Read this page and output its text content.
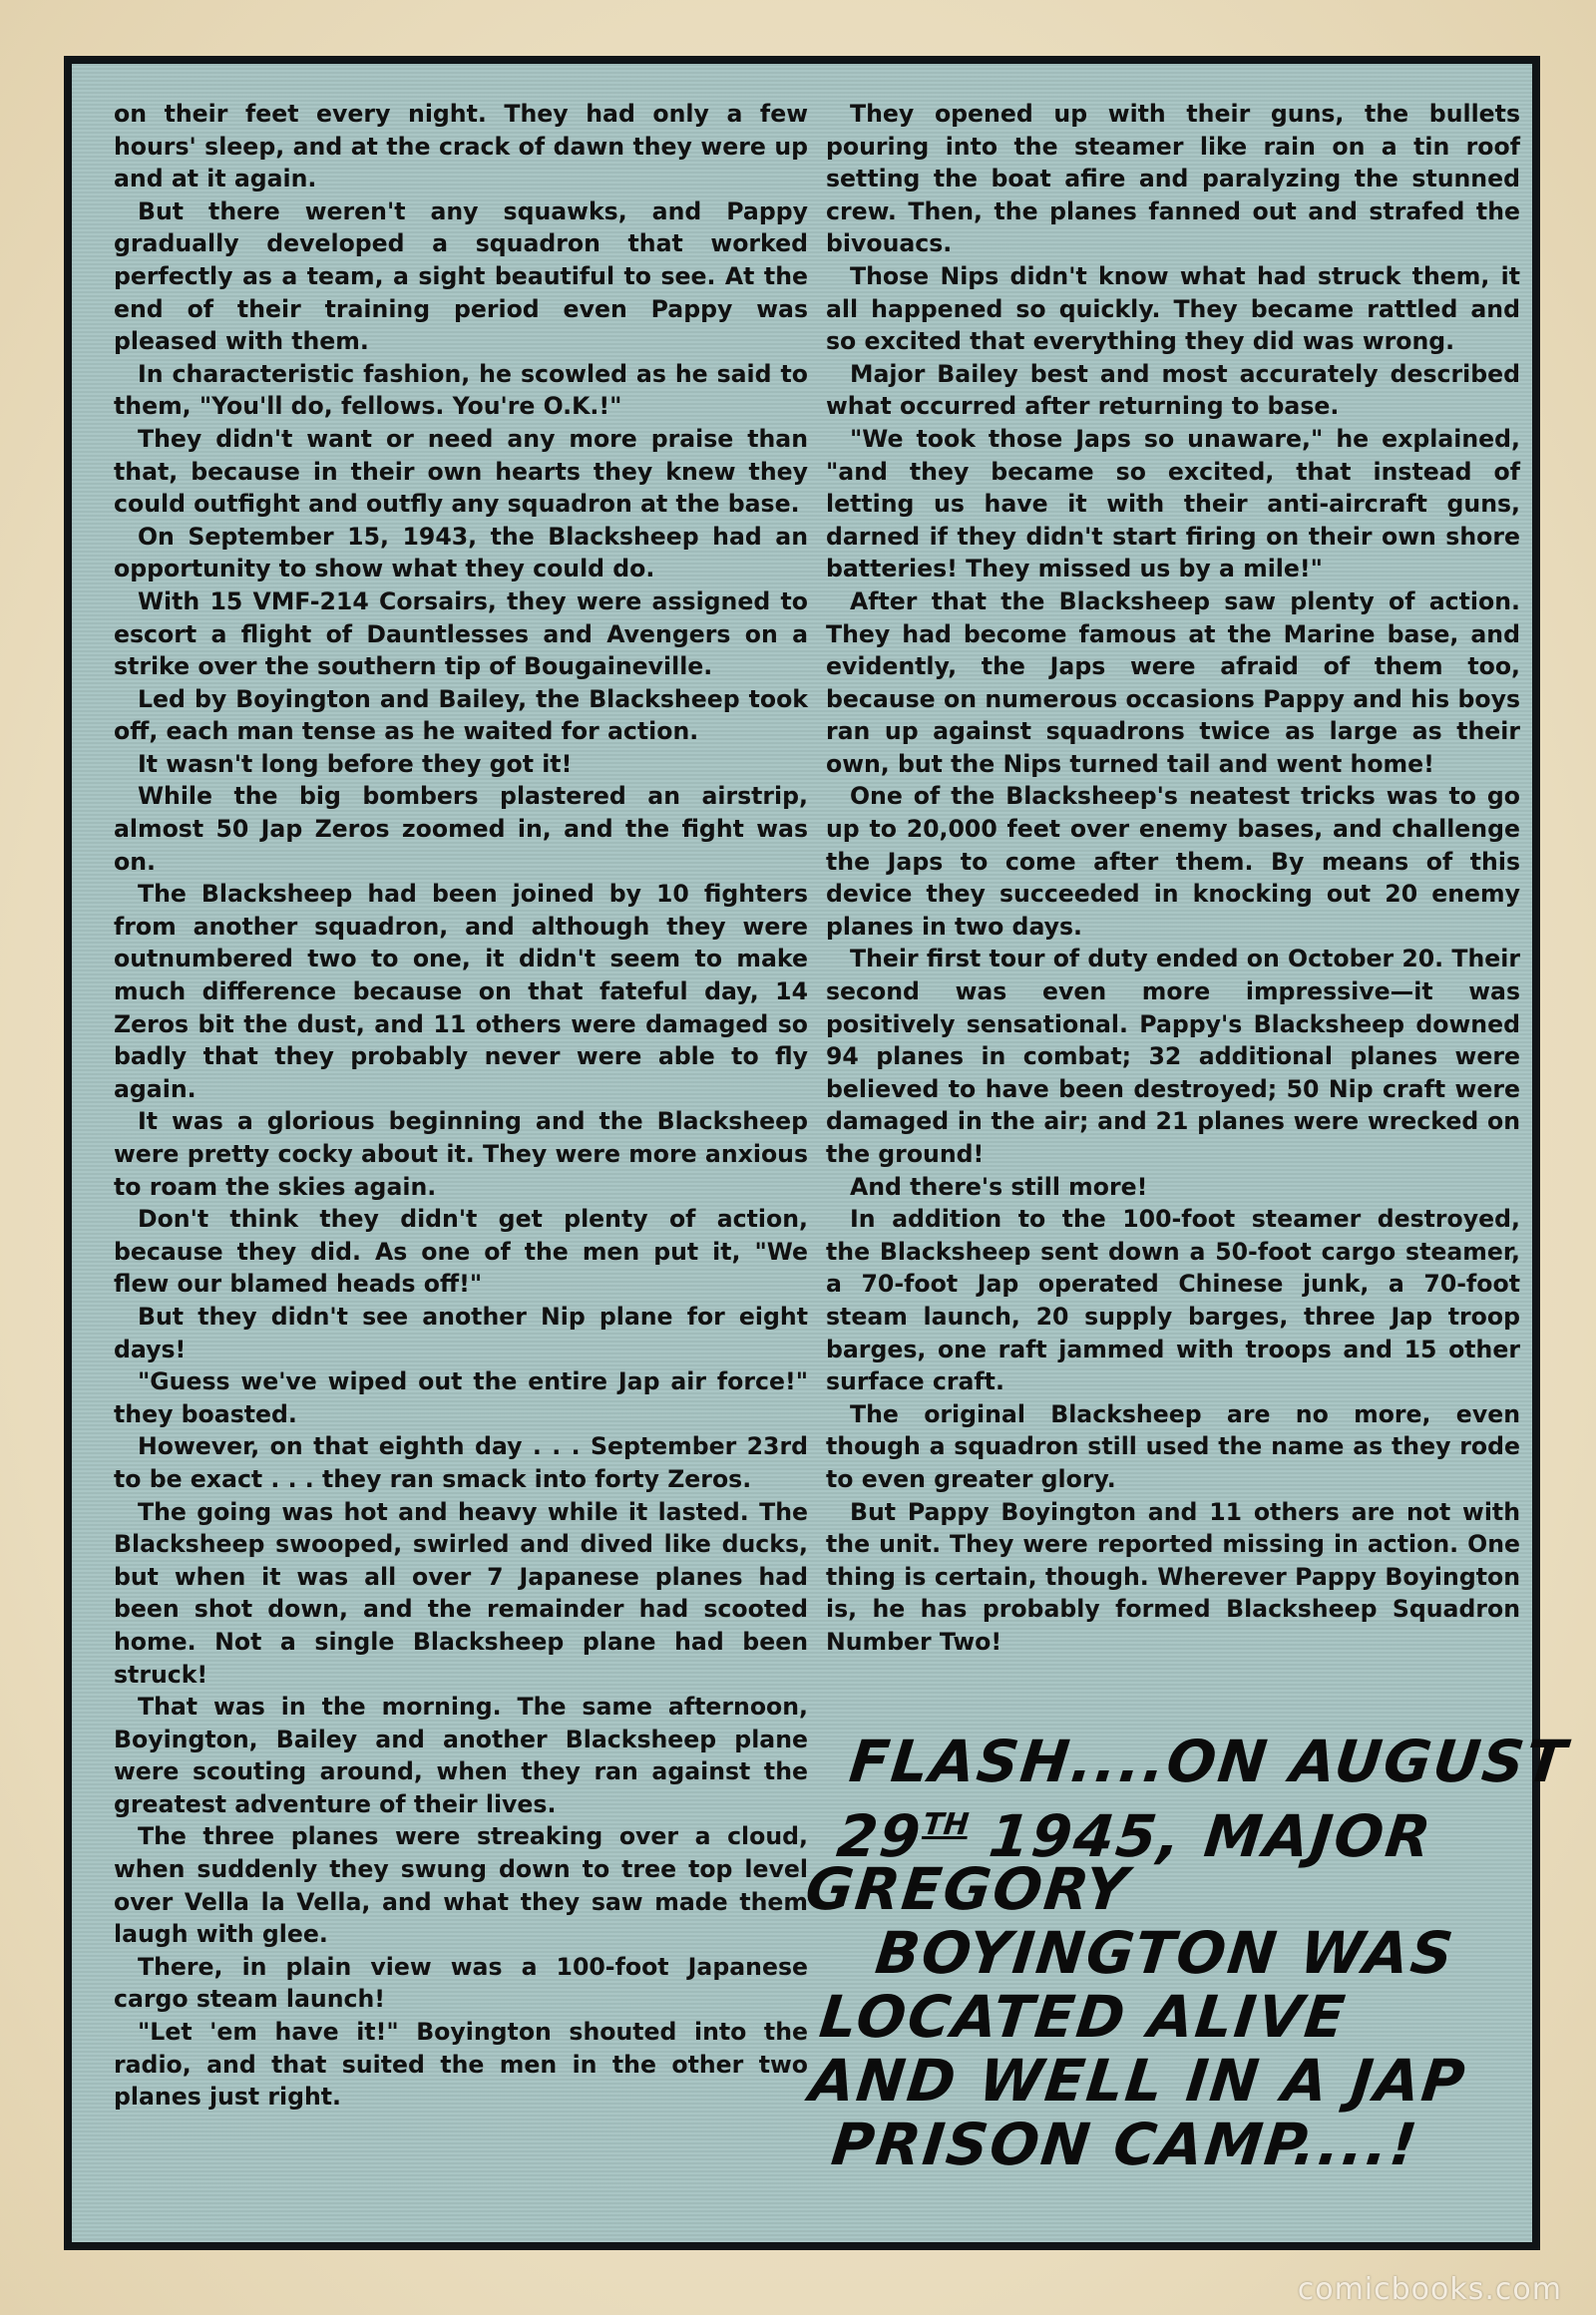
on their feet every night. They had only a few hours' sleep, and at the crack of dawn they were up and at it again.

But there weren't any squawks, and Pappy gradually developed a squadron that worked perfectly as a team, a sight beautiful to see. At the end of their training period even Pappy was pleased with them.

In characteristic fashion, he scowled as he said to them, "You'll do, fellows. You're O.K.!"

They didn't want or need any more praise than that, because in their own hearts they knew they could outfight and outfly any squadron at the base.

On September 15, 1943, the Blacksheep had an opportunity to show what they could do.

With 15 VMF-214 Corsairs, they were assigned to escort a flight of Dauntlesses and Avengers on a strike over the southern tip of Bougaineville.

Led by Boyington and Bailey, the Blacksheep took off, each man tense as he waited for action.

It wasn't long before they got it!

While the big bombers plastered an airstrip, almost 50 Jap Zeros zoomed in, and the fight was on.

The Blacksheep had been joined by 10 fighters from another squadron, and although they were outnumbered two to one, it didn't seem to make much difference because on that fateful day, 14 Zeros bit the dust, and 11 others were damaged so badly that they probably never were able to fly again.

It was a glorious beginning and the Blacksheep were pretty cocky about it. They were more anxious to roam the skies again.

Don't think they didn't get plenty of action, because they did. As one of the men put it, "We flew our blamed heads off!"

But they didn't see another Nip plane for eight days!

"Guess we've wiped out the entire Jap air force!" they boasted.

However, on that eighth day . . . September 23rd to be exact . . . they ran smack into forty Zeros.

The going was hot and heavy while it lasted. The Blacksheep swooped, swirled and dived like ducks, but when it was all over 7 Japanese planes had been shot down, and the remainder had scooted home. Not a single Blacksheep plane had been struck!

That was in the morning. The same afternoon, Boyington, Bailey and another Blacksheep plane were scouting around, when they ran against the greatest adventure of their lives.

The three planes were streaking over a cloud, when suddenly they swung down to tree top level over Vella la Vella, and what they saw made them laugh with glee.

There, in plain view was a 100-foot Japanese cargo steam launch!

"Let 'em have it!" Boyington shouted into the radio, and that suited the men in the other two planes just right.

They opened up with their guns, the bullets pouring into the steamer like rain on a tin roof setting the boat afire and paralyzing the stunned crew. Then, the planes fanned out and strafed the bivouacs.

Those Nips didn't know what had struck them, it all happened so quickly. They became rattled and so excited that everything they did was wrong.

Major Bailey best and most accurately described what occurred after returning to base.

"We took those Japs so unaware," he explained, "and they became so excited, that instead of letting us have it with their anti-aircraft guns, darned if they didn't start firing on their own shore batteries! They missed us by a mile!"

After that the Blacksheep saw plenty of action. They had become famous at the Marine base, and evidently, the Japs were afraid of them too, because on numerous occasions Pappy and his boys ran up against squadrons twice as large as their own, but the Nips turned tail and went home!

One of the Blacksheep's neatest tricks was to go up to 20,000 feet over enemy bases, and challenge the Japs to come after them. By means of this device they succeeded in knocking out 20 enemy planes in two days.

Their first tour of duty ended on October 20. Their second was even more impressive—it was positively sensational. Pappy's Blacksheep downed 94 planes in combat; 32 additional planes were believed to have been destroyed; 50 Nip craft were damaged in the air; and 21 planes were wrecked on the ground!

And there's still more!

In addition to the 100-foot steamer destroyed, the Blacksheep sent down a 50-foot cargo steamer, a 70-foot Jap operated Chinese junk, a 70-foot steam launch, 20 supply barges, three Jap troop barges, one raft jammed with troops and 15 other surface craft.

The original Blacksheep are no more, even though a squadron still used the name as they rode to even greater glory.

But Pappy Boyington and 11 others are not with the unit. They were reported missing in action. One thing is certain, though. Wherever Pappy Boyington is, he has probably formed Blacksheep Squadron Number Two!

FLASH....ON AUGUST
29TH 1945, MAJOR
GREGORY
BOYINGTON WAS
LOCATED ALIVE
AND WELL IN A JAP
PRISON CAMP....!
comicbooks.com
